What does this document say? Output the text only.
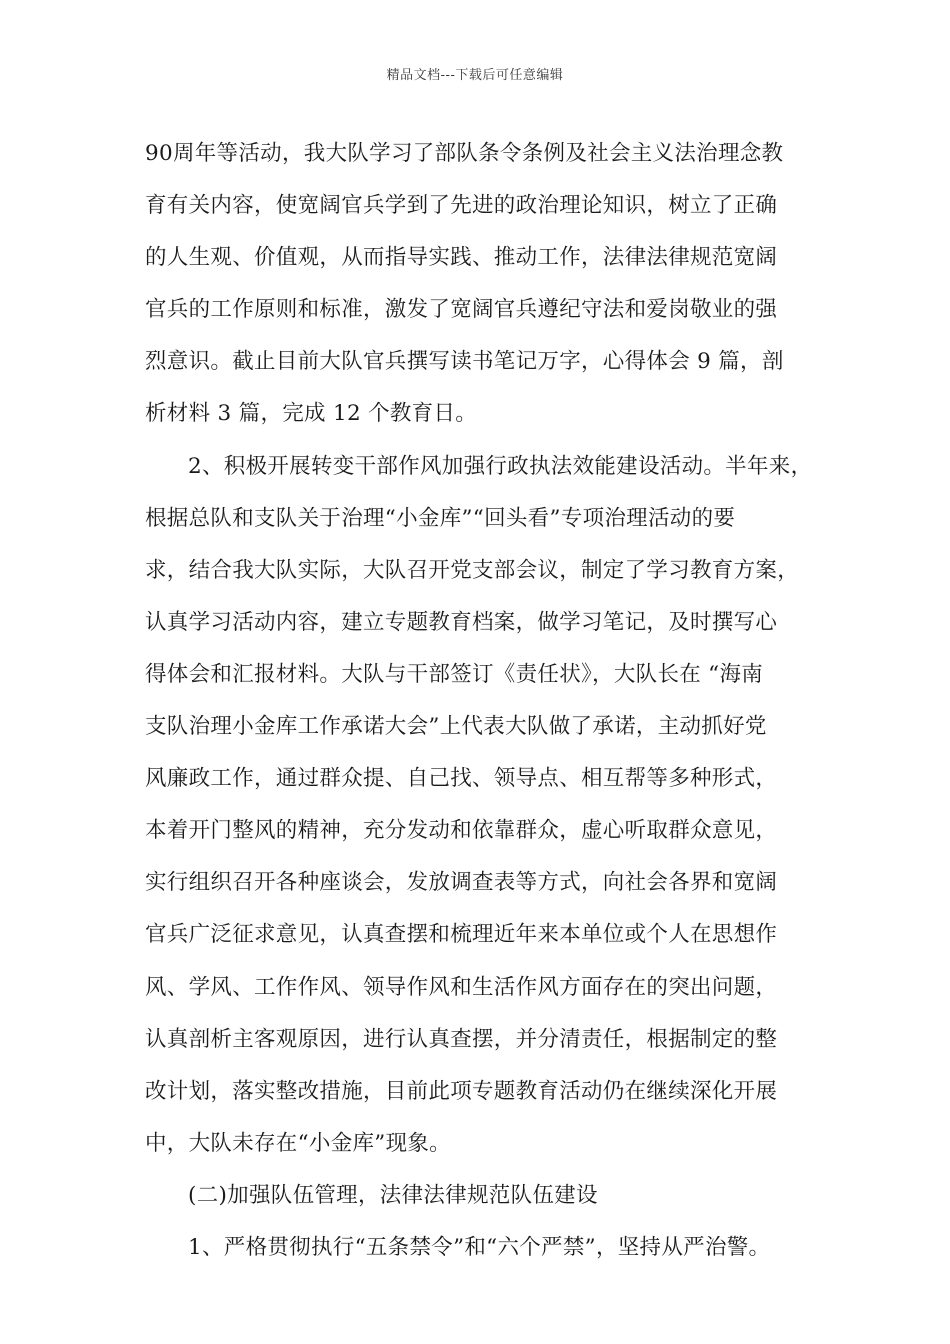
精品文档---下载后可任意编辑
90周年等活动，我大队学习了部队条令条例及社会主义法治理念教
育有关内容，使宽阔官兵学到了先进的政治理论知识，树立了正确
的人生观、价值观，从而指导实践、推动工作，法律法律规范宽阔
官兵的工作原则和标准，激发了宽阔官兵遵纪守法和爱岗敬业的强
烈意识。截止目前大队官兵撰写读书笔记万字，心得体会 9 篇，剖
析材料 3 篇，完成 12 个教育日。
2、积极开展转变干部作风加强行政执法效能建设活动。半年来，
根据总队和支队关于治理“小金库”“回头看”专项治理活动的要
求，结合我大队实际，大队召开党支部会议，制定了学习教育方案，
认真学习活动内容，建立专题教育档案，做学习笔记，及时撰写心
得体会和汇报材料。大队与干部签订《责任状》，大队长在 “海南
支队治理小金库工作承诺大会”上代表大队做了承诺，主动抓好党
风廉政工作，通过群众提、自己找、领导点、相互帮等多种形式，
本着开门整风的精神，充分发动和依靠群众，虚心听取群众意见，
实行组织召开各种座谈会，发放调查表等方式，向社会各界和宽阔
官兵广泛征求意见，认真查摆和梳理近年来本单位或个人在思想作
风、学风、工作作风、领导作风和生活作风方面存在的突出问题，
认真剖析主客观原因，进行认真查摆，并分清责任，根据制定的整
改计划，落实整改措施，目前此项专题教育活动仍在继续深化开展
中，大队未存在“小金库”现象。
(二)加强队伍管理，法律法律规范队伍建设
1、严格贯彻执行“五条禁令”和“六个严禁”，坚持从严治警。
